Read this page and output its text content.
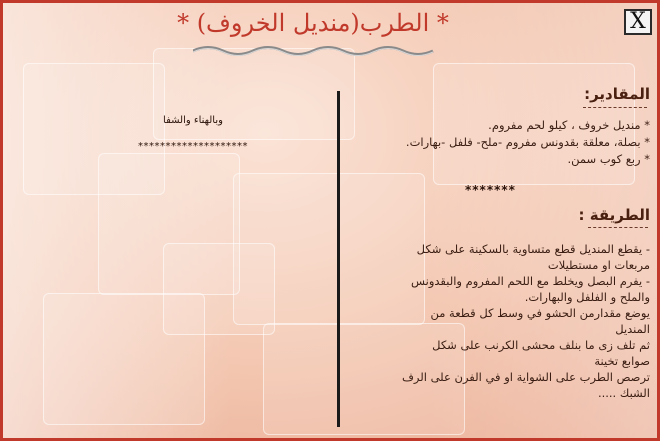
X
* الطرب(منديل الخروف) *
المقادير:
* منديل خروف ، كيلو لحم مفروم.
* بصلة، معلقة بقدونس مفروم -ملح- فلفل -بهارات.
* ربع كوب سمن.
*******
الطريقة :
- يقطع المنديل قطع متساوية بالسكينة على شكل
مربعات او مستطيلات
- يفرم البصل ويخلط مع اللحم المفروم والبقدونس
والملح و الفلفل والبهارات.
يوضع مقدارمن الحشو في وسط كل قطعة من
المنديل
ثم تلف زى ما بنلف محشى الكرنب على شكل
صوابع تخينة
ترصص الطرب على الشواية او في الفرن على الرف
الشبك .....
وبالهناء والشفا
********************
